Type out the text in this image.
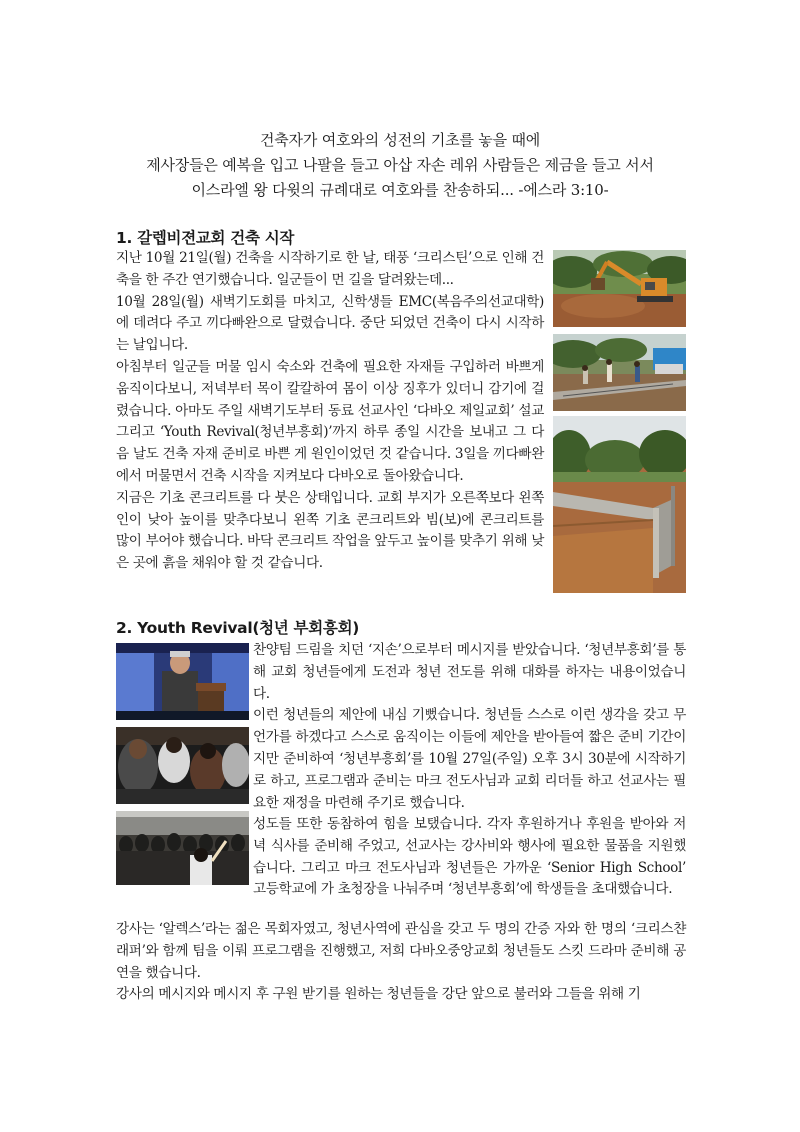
건축자가 여호와의 성전의 기초를 놓을 때에
제사장들은 예복을 입고 나팔을 들고 아삽 자손 레위 사람들은 제금을 들고 서서
이스라엘 왕 다윗의 규례대로 여호와를 찬송하되... -에스라 3:10-
1. 갈렙비젼교회 건축 시작
지난 10월 21일(월) 건축을 시작하기로 한 날, 태풍 ‘크리스틴’으로 인해 건축을 한 주간 연기했습니다. 일군들이 먼 길을 달려왔는데...
10월 28일(월) 새벽기도회를 마치고, 신학생들 EMC(복음주의선교대학)에 데려다 주고 끼다빠완으로 달렸습니다. 중단 되었던 건축이 다시 시작하는 날입니다.
아침부터 일군들 머물 임시 숙소와 건축에 필요한 자재들 구입하러 바쁘게 움직이다보니, 저녁부터 목이 칼칼하여 몸이 이상 징후가 있더니 감기에 걸렸습니다. 아마도 주일 새벽기도부터 동료 선교사인 ‘다바오 제일교회’ 설교 그리고 ‘Youth Revival(청년부흥회)’까지 하루 종일 시간을 보내고 그 다음 날도 건축 자재 준비로 바쁜 게 원인이었던 것 같습니다. 3일을 끼다빠완에서 머물면서 건축 시작을 지켜보다 다바오로 돌아왔습니다.
지금은 기초 콘크리트를 다 붓은 상태입니다. 교회 부지가 오른쪽보다 왼쪽인이 낮아 높이를 맞추다보니 왼쪽 기초 콘크리트와 빔(보)에 콘크리트를 많이 부어야 했습니다. 바닥 콘크리트 작업을 앞두고 높이를 맞추기 위해 낮은 곳에 흙을 채워야 할 것 같습니다.
2. Youth Revival(청년 부회흥회)
찬양팀 드림을 치던 ‘지손’으로부터 메시지를 받았습니다. ‘청년부흥회’를 통해 교회 청년들에게 도전과 청년 전도를 위해 대화를 하자는 내용이었습니다.
이런 청년들의 제안에 내심 기뻤습니다. 청년들 스스로 이런 생각을 갖고 무언가를 하겠다고 스스로 움직이는 이들에 제안을 받아들여 짧은 준비 기간이지만 준비하여 ‘청년부흥회’를 10월 27일(주일) 오후 3시 30분에 시작하기로 하고, 프로그램과 준비는 마크 전도사님과 교회 리더들 하고 선교사는 필요한 재정을 마련해 주기로 했습니다.
성도들 또한 동참하여 힘을 보탰습니다. 각자 후원하거나 후원을 받아와 저녁 식사를 준비해 주었고, 선교사는 강사비와 행사에 필요한 물품을 지원했습니다. 그리고 마크 전도사님과 청년들은 가까운 ‘Senior High School’ 고등학교에 가 초청장을 나눠주며 ‘청년부흥회’에 학생들을 초대했습니다.
강사는 ‘알렉스’라는 젊은 목회자였고, 청년사역에 관심을 갖고 두 명의 간증 자와 한 명의 ‘크리스챤 래퍼’와 함께 팀을 이뤄 프로그램을 진행했고, 저희 다바오중앙교회 청년들도 스킷 드라마 준비해 공연을 했습니다.
강사의 메시지와 메시지 후 구원 받기를 원하는 청년들을 강단 앞으로 불러와 그들을 위해 기
